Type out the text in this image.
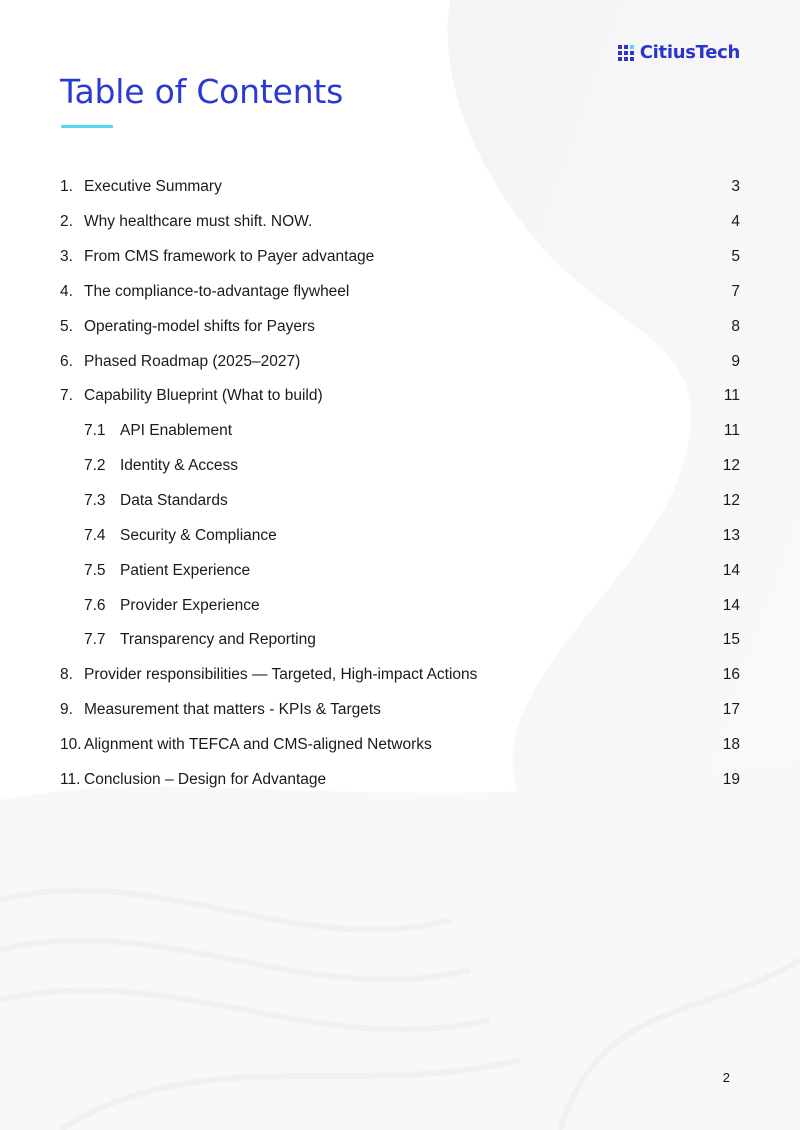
CitiusTech
Table of Contents
1. Executive Summary	3
2. Why healthcare must shift. NOW.	4
3. From CMS framework to Payer advantage	5
4. The compliance-to-advantage flywheel	7
5. Operating-model shifts for Payers	8
6. Phased Roadmap (2025–2027)	9
7. Capability Blueprint (What to build)	11
7.1 API Enablement	11
7.2 Identity & Access	12
7.3 Data Standards	12
7.4 Security & Compliance	13
7.5 Patient Experience	14
7.6 Provider Experience	14
7.7 Transparency and Reporting	15
8. Provider responsibilities — Targeted, High-impact Actions	16
9. Measurement that matters - KPIs & Targets	17
10. Alignment with TEFCA and CMS-aligned Networks	18
11. Conclusion – Design for Advantage	19
2
